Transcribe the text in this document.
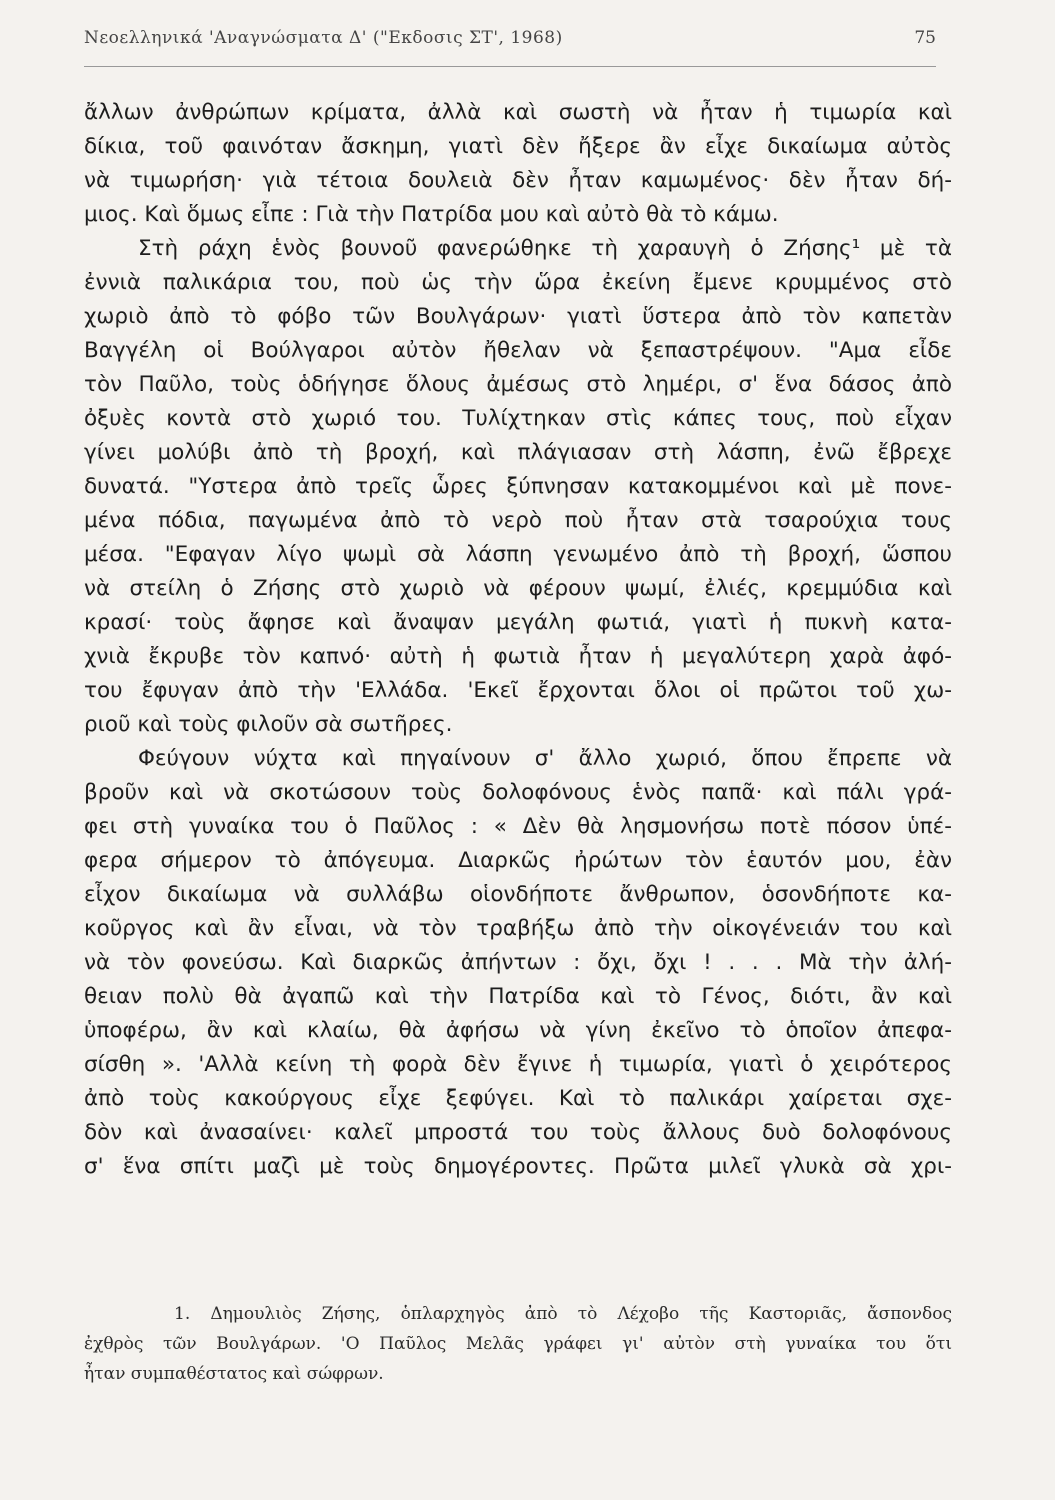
Νεοελληνικά 'Αναγνώσματα Δ' ("Εκδοσις ΣΤ', 1968)	75
ἄλλων ἀνθρώπων κρίματα, ἀλλὰ καὶ σωστὴ νὰ ἦταν ἡ τιμωρία καὶ
δίκια, τοῦ φαινόταν ἄσκημη, γιατὶ δὲν ἤξερε ἂν εἶχε δικαίωμα αὐτὸς
νὰ τιμωρήση· γιὰ τέτοια δουλειὰ δὲν ἦταν καμωμένος· δὲν ἦταν δή-
μιος. Καὶ ὅμως εἶπε : Γιὰ τὴν Πατρίδα μου καὶ αὐτὸ θὰ τὸ κάμω.
Στὴ ράχη ἑνὸς βουνοῦ φανερώθηκε τὴ χαραυγὴ ὁ Ζήσης¹ μὲ τὰ
ἐννιὰ παλικάρια του, ποὺ ὡς τὴν ὥρα ἐκείνη ἔμενε κρυμμένος στὸ
χωριὸ ἀπὸ τὸ φόβο τῶν Βουλγάρων· γιατὶ ὕστερα ἀπὸ τὸν καπετὰν
Βαγγέλη οἱ Βούλγαροι αὐτὸν ἤθελαν νὰ ξεπαστρέψουν. "Αμα εἶδε
τὸν Παῦλο, τοὺς ὁδήγησε ὅλους ἀμέσως στὸ λημέρι, σ' ἕνα δάσος ἀπὸ
ὀξυὲς κοντὰ στὸ χωριό του. Τυλίχτηκαν στὶς κάπες τους, ποὺ εἶχαν
γίνει μολύβι ἀπὸ τὴ βροχή, καὶ πλάγιασαν στὴ λάσπη, ἐνῶ ἔβρεχε
δυνατά. "Υστερα ἀπὸ τρεῖς ὧρες ξύπνησαν κατακομμένοι καὶ μὲ πονε-
μένα πόδια, παγωμένα ἀπὸ τὸ νερὸ ποὺ ἦταν στὰ τσαρούχια τους
μέσα. "Εφαγαν λίγο ψωμὶ σὰ λάσπη γενωμένο ἀπὸ τὴ βροχή, ὥσπου
νὰ στείλη ὁ Ζήσης στὸ χωριὸ νὰ φέρουν ψωμί, ἐλιές, κρεμμύδια καὶ
κρασί· τοὺς ἄφησε καὶ ἄναψαν μεγάλη φωτιά, γιατὶ ἡ πυκνὴ κατα-
χνιὰ ἔκρυβε τὸν καπνό· αὐτὴ ἡ φωτιὰ ἦταν ἡ μεγαλύτερη χαρὰ ἀφό-
του ἔφυγαν ἀπὸ τὴν 'Ελλάδα. 'Εκεῖ ἔρχονται ὅλοι οἱ πρῶτοι τοῦ χω-
ριοῦ καὶ τοὺς φιλοῦν σὰ σωτῆρες.
Φεύγουν νύχτα καὶ πηγαίνουν σ' ἄλλο χωριό, ὅπου ἔπρεπε νὰ
βροῦν καὶ νὰ σκοτώσουν τοὺς δολοφόνους ἑνὸς παπᾶ· καὶ πάλι γρά-
φει στὴ γυναίκα του ὁ Παῦλος : « Δὲν θὰ λησμονήσω ποτὲ πόσον ὑπέ-
φερα σήμερον τὸ ἀπόγευμα. Διαρκῶς ἠρώτων τὸν ἑαυτόν μου, ἐὰν
εἶχον δικαίωμα νὰ συλλάβω οἱονδήποτε ἄνθρωπον, ὁσονδήποτε κα-
κοῦργος καὶ ἂν εἶναι, νὰ τὸν τραβήξω ἀπὸ τὴν οἰκογένειάν του καὶ
νὰ τὸν φονεύσω. Καὶ διαρκῶς ἀπήντων : ὄχι, ὄχι ! . . . Μὰ τὴν ἀλή-
θειαν πολὺ θὰ ἀγαπῶ καὶ τὴν Πατρίδα καὶ τὸ Γένος, διότι, ἂν καὶ
ὑποφέρω, ἂν καὶ κλαίω, θὰ ἀφήσω νὰ γίνη ἐκεῖνο τὸ ὁποῖον ἀπεφα-
σίσθη ». 'Αλλὰ κείνη τὴ φορὰ δὲν ἔγινε ἡ τιμωρία, γιατὶ ὁ χειρότερος
ἀπὸ τοὺς κακούργους εἶχε ξεφύγει. Καὶ τὸ παλικάρι χαίρεται σχε-
δὸν καὶ ἀνασαίνει· καλεῖ μπροστά του τοὺς ἄλλους δυὸ δολοφόνους
σ' ἕνα σπίτι μαζὶ μὲ τοὺς δημογέροντες. Πρῶτα μιλεῖ γλυκὰ σὰ χρι-
1. Δημουλιὸς Ζήσης, ὁπλαρχηγὸς ἀπὸ τὸ Λέχοβο τῆς Καστοριᾶς, ἄσπονδος
ἐχθρὸς τῶν Βουλγάρων. 'Ο Παῦλος Μελᾶς γράφει γι' αὐτὸν στὴ γυναίκα του ὅτι
ἦταν συμπαθέστατος καὶ σώφρων.
